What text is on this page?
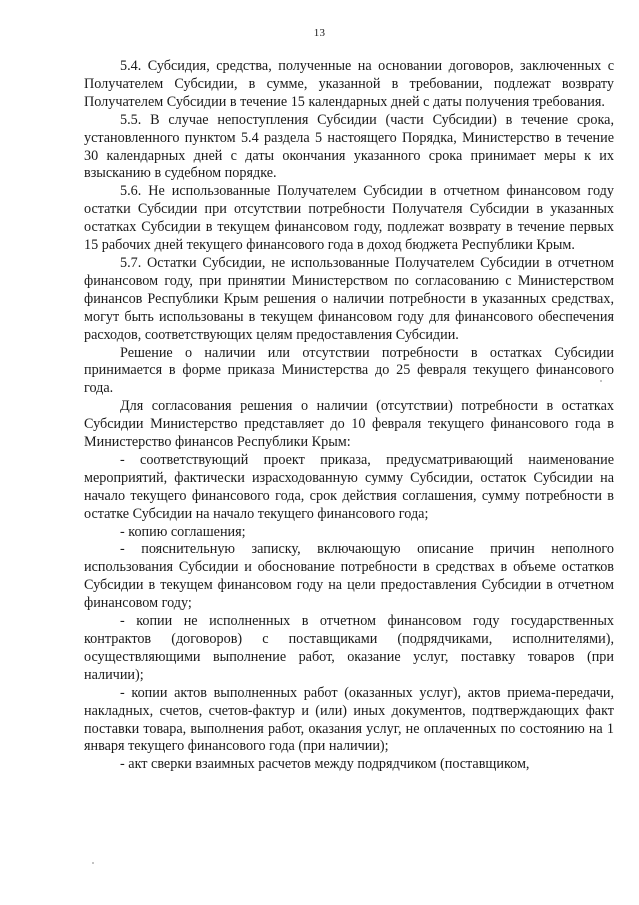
13

5.4. Субсидия, средства, полученные на основании договоров, заключенных с Получателем Субсидии, в сумме, указанной в требовании, подлежат возврату Получателем Субсидии в течение 15 календарных дней с даты получения требования.

5.5. В случае непоступления Субсидии (части Субсидии) в течение срока, установленного пунктом 5.4 раздела 5 настоящего Порядка, Министерство в течение 30 календарных дней с даты окончания указанного срока принимает меры к их взысканию в судебном порядке.

5.6. Не использованные Получателем Субсидии в отчетном финансовом году остатки Субсидии при отсутствии потребности Получателя Субсидии в указанных остатках Субсидии в текущем финансовом году, подлежат возврату в течение первых 15 рабочих дней текущего финансового года в доход бюджета Республики Крым.

5.7. Остатки Субсидии, не использованные Получателем Субсидии в отчетном финансовом году, при принятии Министерством по согласованию с Министерством финансов Республики Крым решения о наличии потребности в указанных средствах, могут быть использованы в текущем финансовом году для финансового обеспечения расходов, соответствующих целям предоставления Субсидии.

Решение о наличии или отсутствии потребности в остатках Субсидии принимается в форме приказа Министерства до 25 февраля текущего финансового года.

Для согласования решения о наличии (отсутствии) потребности в остатках Субсидии Министерство представляет до 10 февраля текущего финансового года в Министерство финансов Республики Крым:

- соответствующий проект приказа, предусматривающий наименование мероприятий, фактически израсходованную сумму Субсидии, остаток Субсидии на начало текущего финансового года, срок действия соглашения, сумму потребности в остатке Субсидии на начало текущего финансового года;

- копию соглашения;

- пояснительную записку, включающую описание причин неполного использования Субсидии и обоснование потребности в средствах в объеме остатков Субсидии в текущем финансовом году на цели предоставления Субсидии в отчетном финансовом году;

- копии не исполненных в отчетном финансовом году государственных контрактов (договоров) с поставщиками (подрядчиками, исполнителями), осуществляющими выполнение работ, оказание услуг, поставку товаров (при наличии);

- копии актов выполненных работ (оказанных услуг), актов приема-передачи, накладных, счетов, счетов-фактур и (или) иных документов, подтверждающих факт поставки товара, выполнения работ, оказания услуг, не оплаченных по состоянию на 1 января текущего финансового года (при наличии);

- акт сверки взаимных расчетов между подрядчиком (поставщиком,
